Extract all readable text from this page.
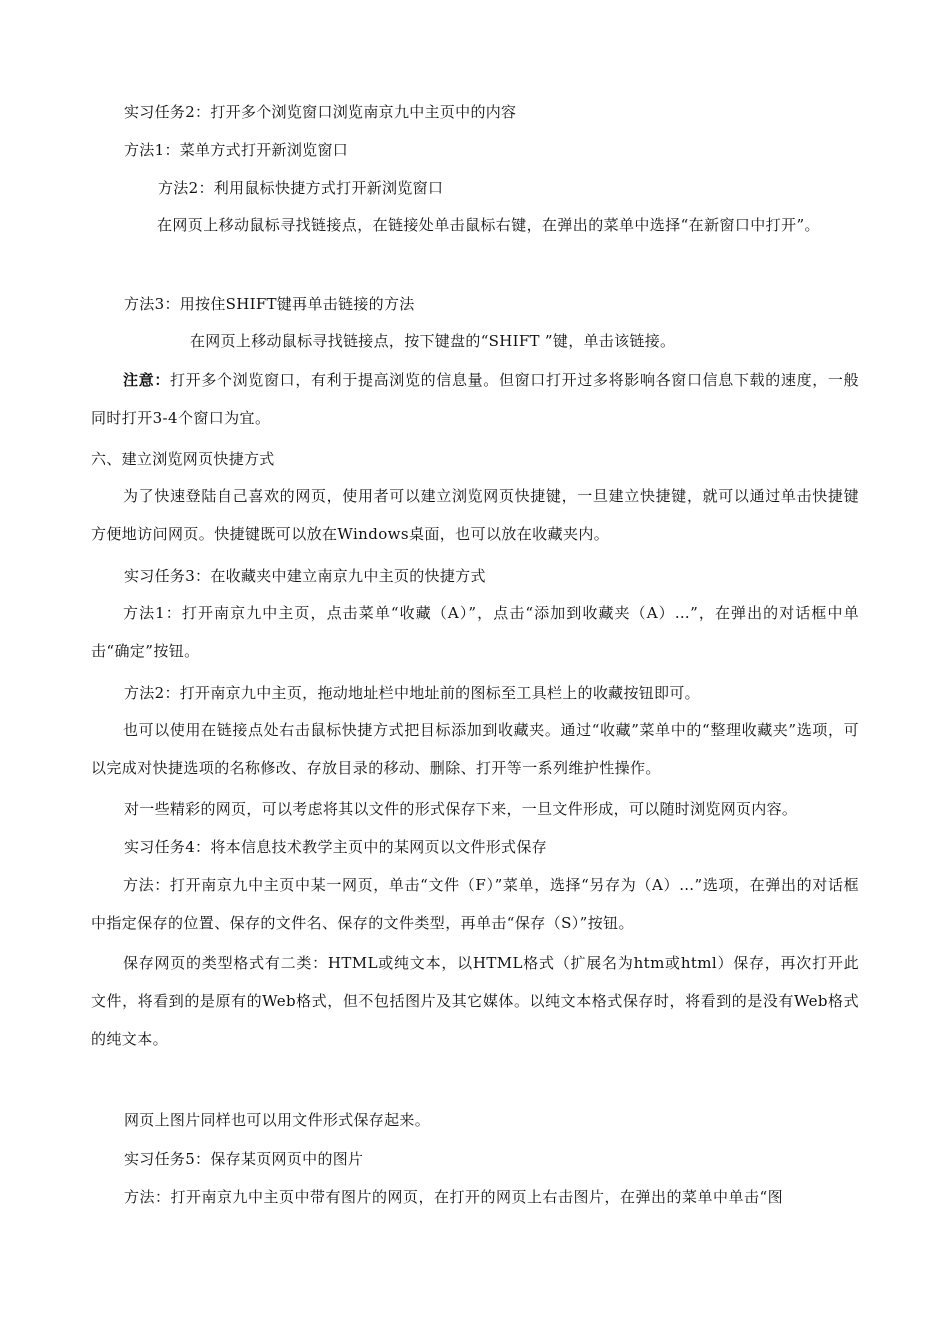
实习任务2：打开多个浏览窗口浏览南京九中主页中的内容
方法1：菜单方式打开新浏览窗口
方法2：利用鼠标快捷方式打开新浏览窗口
在网页上移动鼠标寻找链接点，在链接处单击鼠标右键，在弹出的菜单中选择“在新窗口中打开”。
方法3：用按住SHIFT键再单击链接的方法
在网页上移动鼠标寻找链接点，按下键盘的“SHIFT ”键，单击该链接。
注意：打开多个浏览窗口，有利于提高浏览的信息量。但窗口打开过多将影响各窗口信息下载的速度，一般同时打开3-4个窗口为宜。
六、建立浏览网页快捷方式
为了快速登陆自己喜欢的网页，使用者可以建立浏览网页快捷键，一旦建立快捷键，就可以通过单击快捷键方便地访问网页。快捷键既可以放在Windows桌面，也可以放在收藏夹内。
实习任务3：在收藏夹中建立南京九中主页的快捷方式
方法1：打开南京九中主页，点击菜单“收藏（A）”，点击“添加到收藏夹（A）…”，在弹出的对话框中单击“确定”按钮。
方法2：打开南京九中主页，拖动地址栏中地址前的图标至工具栏上的收藏按钮即可。
也可以使用在链接点处右击鼠标快捷方式把目标添加到收藏夹。通过“收藏”菜单中的“整理收藏夹”选项，可以完成对快捷选项的名称修改、存放目录的移动、删除、打开等一系列维护性操作。
对一些精彩的网页，可以考虑将其以文件的形式保存下来，一旦文件形成，可以随时浏览网页内容。
实习任务4：将本信息技术教学主页中的某网页以文件形式保存
方法：打开南京九中主页中某一网页，单击“文件（F）”菜单，选择“另存为（A）…”选项，在弹出的对话框中指定保存的位置、保存的文件名、保存的文件类型，再单击“保存（S）”按钮。
保存网页的类型格式有二类：HTML或纯文本，以HTML格式（扩展名为htm或html）保存，再次打开此文件，将看到的是原有的Web格式，但不包括图片及其它媒体。以纯文本格式保存时，将看到的是没有Web格式的纯文本。
网页上图片同样也可以用文件形式保存起来。
实习任务5：保存某页网页中的图片
方法：打开南京九中主页中带有图片的网页，在打开的网页上右击图片，在弹出的菜单中单击“图
